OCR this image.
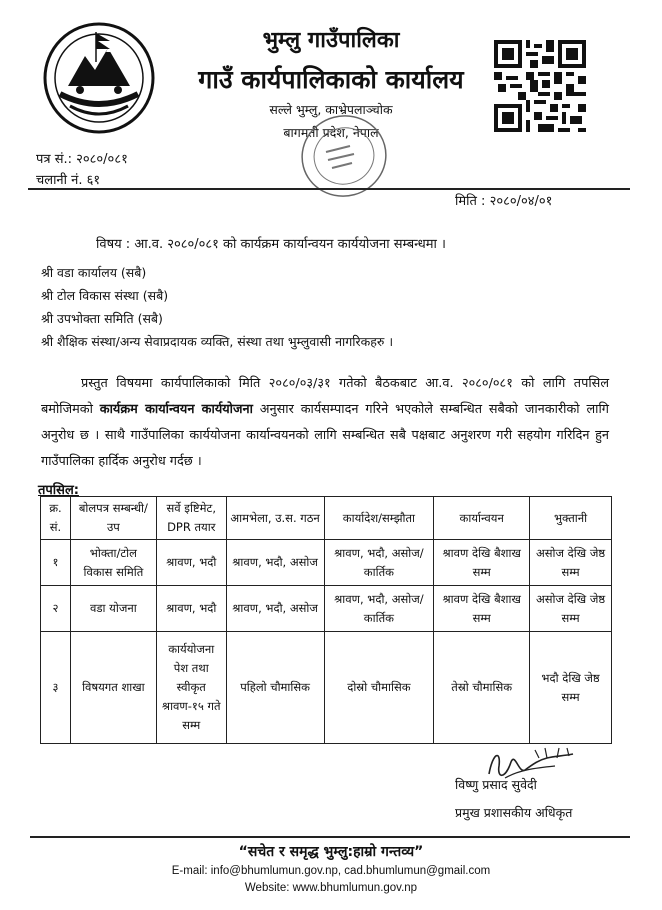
भुम्लु गाउँपालिका
गाउँ कार्यपालिकाको कार्यालय
सल्ले भुम्लु, काभ्रेपलाञ्चोक
बागमती प्रदेश, नेपाल
पत्र सं.: २०८०/०८१
चलानी नं. ६१
मिति : २०८०/०४/०१
विषय : आ.व. २०८०/०८१ को कार्यक्रम कार्यान्वयन कार्ययोजना सम्बन्धमा ।
श्री वडा कार्यालय (सबै)
श्री टोल विकास संस्था (सबै)
श्री उपभोक्ता समिति (सबै)
श्री शैक्षिक संस्था/अन्य सेवाप्रदायक व्यक्ति, संस्था तथा भुम्लुवासी नागरिकहरु ।

प्रस्तुत विषयमा कार्यपालिकाको मिति २०८०/०३/३१ गतेको बैठकबाट आ.व. २०८०/०८१ को लागि तपसिल बमोजिमको कार्यक्रम कार्यान्वयन कार्ययोजना अनुसार कार्यसम्पादन गरिने भएकोले सम्बन्धित सबैको जानकारीको लागि अनुरोध छ । साथै गाउँपालिका कार्ययोजना कार्यान्वयनको लागि सम्बन्धित सबै पक्षबाट अनुशरण गरी सहयोग गरिदिन हुन गाउँपालिका हार्दिक अनुरोध गर्दछ ।

तपसिल:
क्र. सं.	बोलपत्र सम्बन्धी/उप	सर्वे इष्टिमेट, DPR तयार	आमभेला, उ.स. गठन	कार्यादेश/सम्झौता	कार्यान्वयन	भुक्तानी
१	भोक्ता/टोल विकास समिति	श्रावण, भदौ	श्रावण, भदौ, असोज	श्रावण, भदौ, असोज/कार्तिक	श्रावण देखि बैशाख सम्म	असोज देखि जेष्ठ सम्म
२	वडा योजना	श्रावण, भदौ	श्रावण, भदौ, असोज	श्रावण, भदौ, असोज/कार्तिक	श्रावण देखि बैशाख सम्म	असोज देखि जेष्ठ सम्म
३	विषयगत शाखा	कार्ययोजना पेश तथा स्वीकृत श्रावण-१५ गते सम्म	पहिलो चौमासिक	दोस्रो चौमासिक	तेस्रो चौमासिक	भदौ देखि जेष्ठ सम्म
विष्णु प्रसाद सुवेदी
प्रमुख प्रशासकीय अधिकृत
“सचेत र समृद्ध भुम्लु:हाम्रो गन्तव्य”
E-mail: info@bhumlumun.gov.np, cad.bhumlumun@gmail.com
Website: www.bhumlumun.gov.np
